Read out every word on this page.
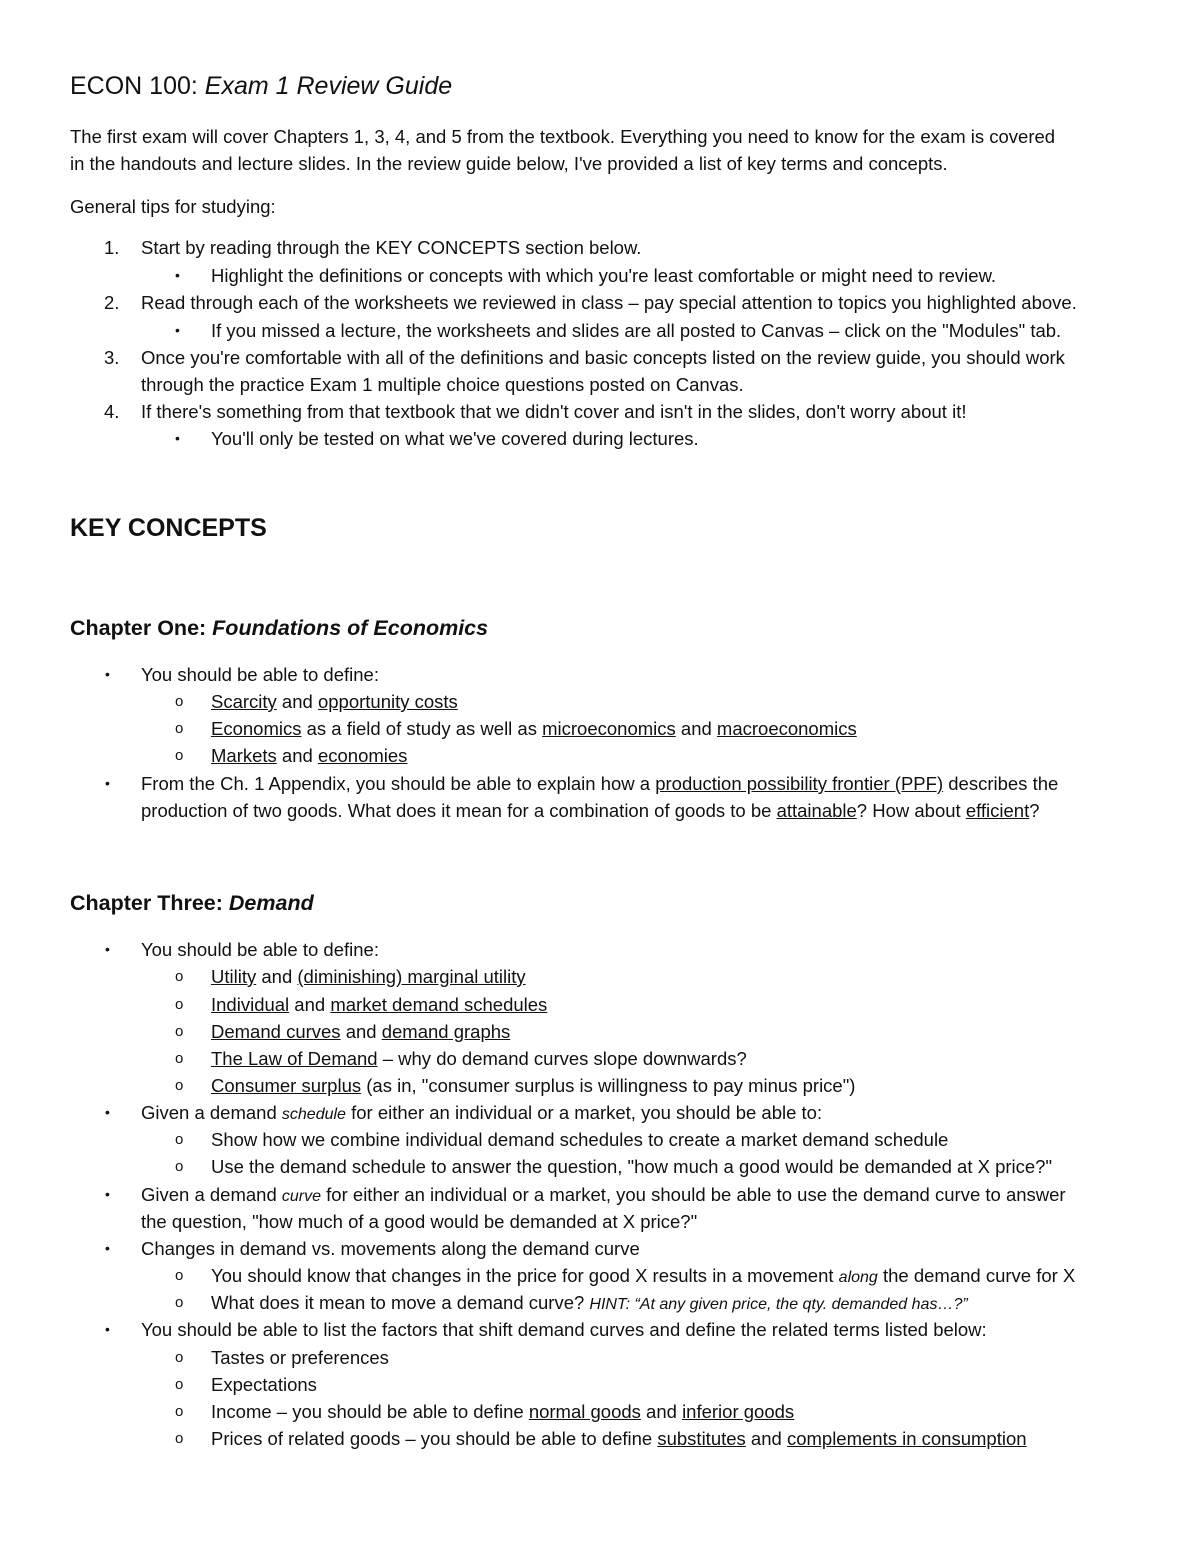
ECON 100: Exam 1 Review Guide

The first exam will cover Chapters 1, 3, 4, and 5 from the textbook. Everything you need to know for the exam is covered

in the handouts and lecture slides. In the review guide below, I've provided a list of key terms and concepts.

General tips for studying:

1. Start by reading through the KEY CONCEPTS section below.

• Highlight the definitions or concepts with which you're least comfortable or might need to review.

2. Read through each of the worksheets we reviewed in class – pay special attention to topics you highlighted above.

• If you missed a lecture, the worksheets and slides are all posted to Canvas – click on the "Modules" tab.

3. Once you're comfortable with all of the definitions and basic concepts listed on the review guide, you should work

through the practice Exam 1 multiple choice questions posted on Canvas.

4. If there's something from that textbook that we didn't cover and isn't in the slides, don't worry about it!

• You'll only be tested on what we've covered during lectures.

KEY CONCEPTS
Chapter One: Foundations of Economics
• You should be able to define:

o Scarcity and opportunity costs

o Economics as a field of study as well as microeconomics and macroeconomics

o Markets and economies

• From the Ch. 1 Appendix, you should be able to explain how a production possibility frontier (PPF) describes the

production of two goods. What does it mean for a combination of goods to be attainable? How about efficient?

Chapter Three: Demand
• You should be able to define:

o Utility and (diminishing) marginal utility

o Individual and market demand schedules

o Demand curves and demand graphs

o The Law of Demand – why do demand curves slope downwards?

o Consumer surplus (as in, "consumer surplus is willingness to pay minus price")

• Given a demand schedule for either an individual or a market, you should be able to:

o Show how we combine individual demand schedules to create a market demand schedule

o Use the demand schedule to answer the question, "how much a good would be demanded at X price?"

• Given a demand curve for either an individual or a market, you should be able to use the demand curve to answer

the question, "how much of a good would be demanded at X price?"

• Changes in demand vs. movements along the demand curve

o You should know that changes in the price for good X results in a movement along the demand curve for X

o What does it mean to move a demand curve? HINT: “At any given price, the qty. demanded has…?”

• You should be able to list the factors that shift demand curves and define the related terms listed below:

o Tastes or preferences

o Expectations

o Income – you should be able to define normal goods and inferior goods

o Prices of related goods – you should be able to define substitutes and complements in consumption
